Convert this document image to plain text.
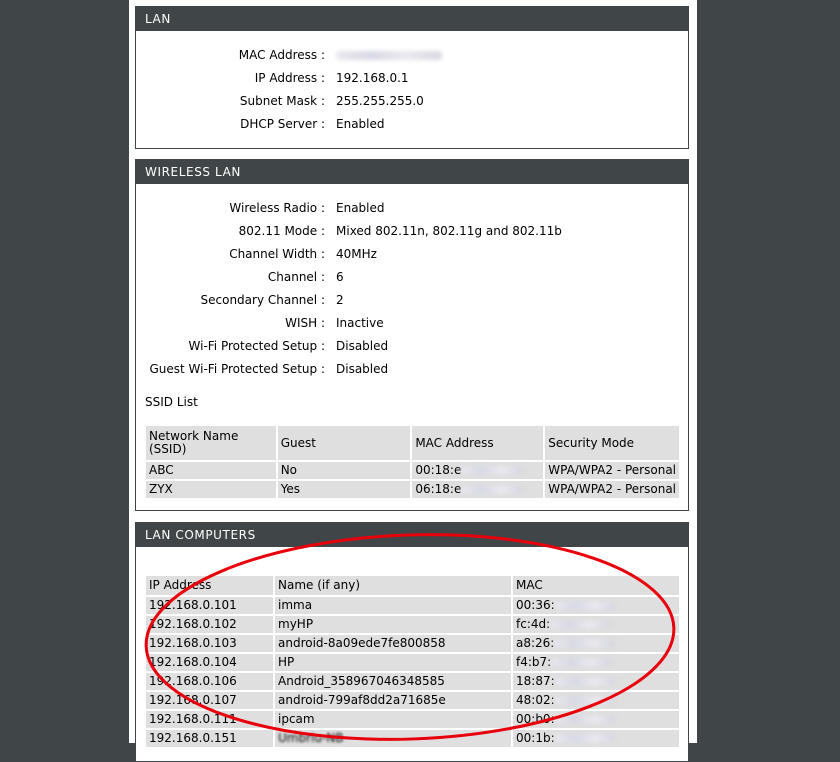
LAN
MAC Address :
IP Address :	192.168.0.1
Subnet Mask :	255.255.255.0
DHCP Server :	Enabled
WIRELESS LAN
Wireless Radio :	Enabled
802.11 Mode :	Mixed 802.11n, 802.11g and 802.11b
Channel Width :	40MHz
Channel :	6
Secondary Channel :	2
WISH :	Inactive
Wi-Fi Protected Setup :	Disabled
Guest Wi-Fi Protected Setup :	Disabled
SSID List
Network Name (SSID)	Guest	MAC Address	Security Mode
ABC	No	00:18:e	WPA/WPA2 - Personal
ZYX	Yes	06:18:e	WPA/WPA2 - Personal
LAN COMPUTERS
IP Address	Name (if any)	MAC
192.168.0.101	imma	00:36:
192.168.0.102	myHP	fc:4d:
192.168.0.103	android-8a09ede7fe800858	a8:26:
192.168.0.104	HP	f4:b7:
192.168.0.106	Android_358967046348585	18:87:
192.168.0.107	android-799af8dd2a71685e	48:02:
192.168.0.111	ipcam	00:b0:
192.168.0.151	Umbriu-NB	00:1b:
